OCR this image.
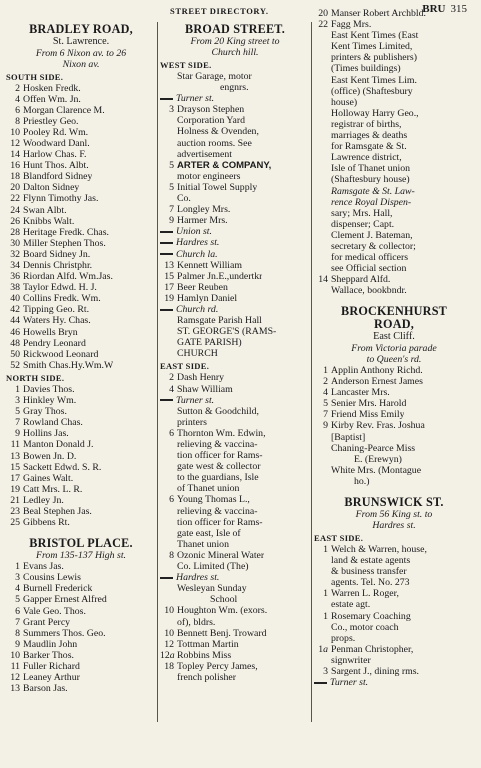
STREET DIRECTORY.	BRU 315
BRADLEY ROAD,
St. Lawrence.
From 6 Nixon av. to 26
Nixon av.
SOUTH SIDE.
2 Hosken Fredk.
4 Offen Wm. Jn.
6 Morgan Clarence M.
8 Priestley Geo.
10 Pooley Rd. Wm.
12 Woodward Danl.
14 Harlow Chas. F.
16 Hunt Thos. Albt.
18 Blandford Sidney
20 Dalton Sidney
22 Flynn Timothy Jas.
24 Swan Albt.
26 Knibbs Walt.
28 Heritage Fredk. Chas.
30 Miller Stephen Thos.
32 Board Sidney Jn.
34 Dennis Christphr.
36 Riordan Alfd. Wm.Jas.
38 Taylor Edwd. H. J.
40 Collins Fredk. Wm.
42 Tipping Geo. Rt.
44 Waters Hy. Chas.
46 Howells Bryn
48 Pendry Leonard
50 Rickwood Leonard
52 Smith Chas.Hy.Wm.W
NORTH SIDE.
1 Davies Thos.
3 Hinkley Wm.
5 Gray Thos.
7 Rowland Chas.
9 Hollins Jas.
11 Manton Donald J.
13 Bowen Jn. D.
15 Sackett Edwd. S. R.
17 Gaines Walt.
19 Catt Mrs. L. R.
21 Ledley Jn.
23 Beal Stephen Jas.
25 Gibbens Rt.
BRISTOL PLACE.
From 135-137 High st.
1 Evans Jas.
3 Cousins Lewis
4 Burnell Frederick
5 Gapper Ernest Alfred
6 Vale Geo. Thos.
7 Grant Percy
8 Summers Thos. Geo.
9 Maudlin John
10 Barker Thos.
11 Fuller Richard
12 Leaney Arthur
13 Barson Jas.
BROAD STREET.
From 20 King street to
Church hill.
WEST SIDE.
Star Garage, motor
engnrs.
Turner st.
3 Drayson Stephen
Corporation Yard
Holness & Ovenden,
auction rooms. See
advertisement
5 ARTER & COMPANY,
motor engineers
5 Initial Towel Supply
Co.
7 Longley Mrs.
9 Harmer Mrs.
Union st.
Hardres st.
Church la.
13 Kennett William
15 Palmer Jn.E.,undertkr
17 Beer Reuben
19 Hamlyn Daniel
Church rd.
Ramsgate Parish Hall
ST. GEORGE'S (RAMS-
GATE PARISH)
CHURCH
EAST SIDE.
2 Dash Henry
4 Shaw William
Turner st.
Sutton & Goodchild,
printers
6 Thornton Wm. Edwin,
relieving & vaccina-
tion officer for Rams-
gate west & collector
to the guardians, Isle
of Thanet union
6 Young Thomas L.,
relieving & vaccina-
tion officer for Rams-
gate east, Isle of
Thanet union
8 Ozonic Mineral Water
Co. Limited (The)
Hardres st.
Wesleyan Sunday
School
10 Houghton Wm. (exors.
of), bldrs.
10 Bennett Benj. Troward
12 Tottman Martin
12a Robbins Miss
18 Topley Percy James,
french polisher
20 Manser Robert Archbld.
22 Fagg Mrs.
East Kent Times (East
Kent Times Limited,
printers & publishers)
(Times buildings)
East Kent Times Lim.
(office) (Shaftesbury
house)
Holloway Harry Geo.,
registrar of births,
marriages & deaths
for Ramsgate & St.
Lawrence district,
Isle of Thanet union
(Shaftesbury house)
Ramsgate & St. Law-
rence Royal Dispen-
sary; Mrs. Hall,
dispenser; Capt.
Clement J. Bateman,
secretary & collector;
for medical officers
see Official section
14 Sheppard Alfd.
Wallace, bookbndr.
BROCKENHURST
ROAD,
East Cliff.
From Victoria parade
to Queen's rd.
1 Applin Anthony Richd.
2 Anderson Ernest James
4 Lancaster Mrs.
5 Senier Mrs. Harold
7 Friend Miss Emily
9 Kirby Rev. Fras. Joshua
[Baptist]
Chaning-Pearce Miss
E. (Erewyn)
White Mrs. (Montague
ho.)
BRUNSWICK ST.
From 56 King st. to
Hardres st.
EAST SIDE.
1 Welch & Warren, house,
land & estate agents
& business transfer
agents. Tel. No. 273
1 Warren L. Roger,
estate agt.
1 Rosemary Coaching
Co., motor coach
props.
1a Penman Christopher,
signwriter
3 Sargent J., dining rms.
Turner st.
